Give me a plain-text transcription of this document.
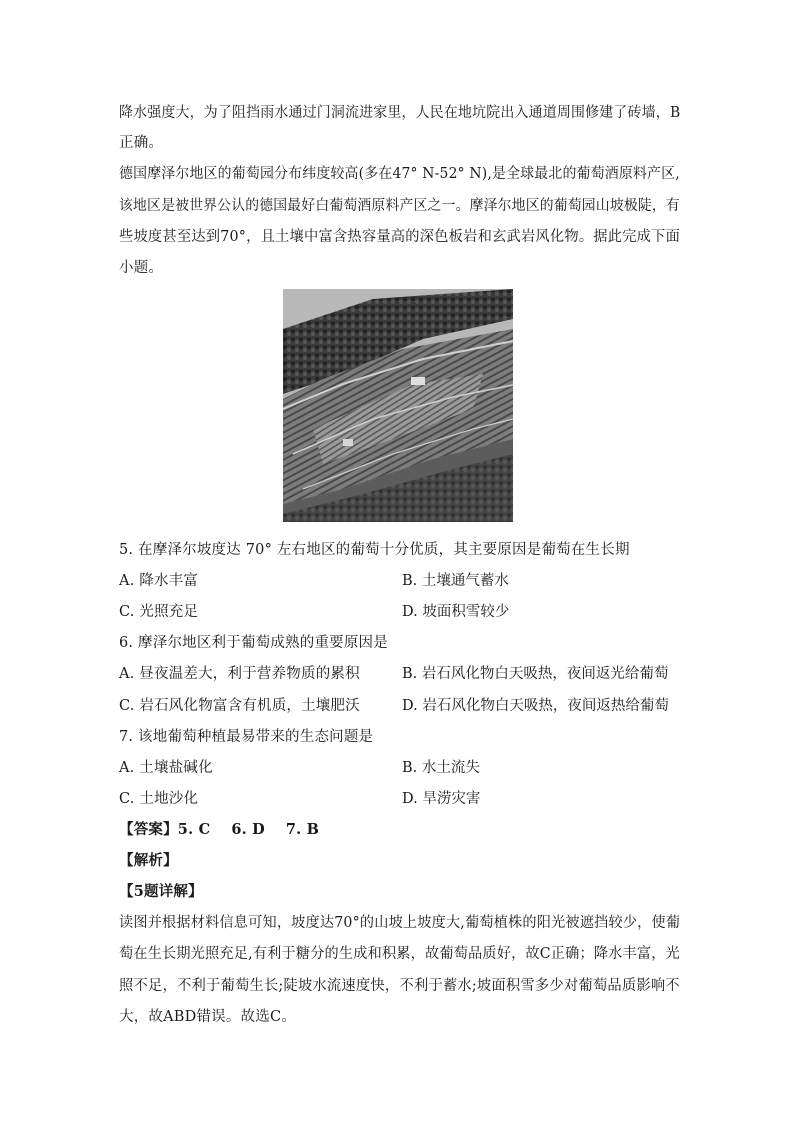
降水强度大，为了阻挡雨水通过门洞流进家里，人民在地坑院出入通道周围修建了砖墙，B
正确。
德国摩泽尔地区的葡萄园分布纬度较高(多在47° N-52° N),是全球最北的葡萄酒原料产区,
该地区是被世界公认的德国最好白葡萄酒原料产区之一。摩泽尔地区的葡萄园山坡极陡，有
些坡度甚至达到70°，且土壤中富含热容量高的深色板岩和玄武岩风化物。据此完成下面
小题。
5. 在摩泽尔坡度达 70° 左右地区的葡萄十分优质，其主要原因是葡萄在生长期
A. 降水丰富	B. 土壤通气蓄水
C. 光照充足	D. 坡面积雪较少
6. 摩泽尔地区利于葡萄成熟的重要原因是
A. 昼夜温差大，利于营养物质的累积	B. 岩石风化物白天吸热，夜间返光给葡萄
C. 岩石风化物富含有机质，土壤肥沃	D. 岩石风化物白天吸热，夜间返热给葡萄
7. 该地葡萄种植最易带来的生态问题是
A. 土壤盐碱化	B. 水土流失
C. 土地沙化	D. 旱涝灾害
【答案】5. C    6. D    7. B
【解析】
【5题详解】
读图并根据材料信息可知，坡度达70°的山坡上坡度大,葡萄植株的阳光被遮挡较少，使葡
萄在生长期光照充足,有利于糖分的生成和积累，故葡萄品质好，故C正确；降水丰富，光
照不足，不利于葡萄生长;陡坡水流速度快，不利于蓄水;坡面积雪多少对葡萄品质影响不
大，故ABD错误。故选C。
